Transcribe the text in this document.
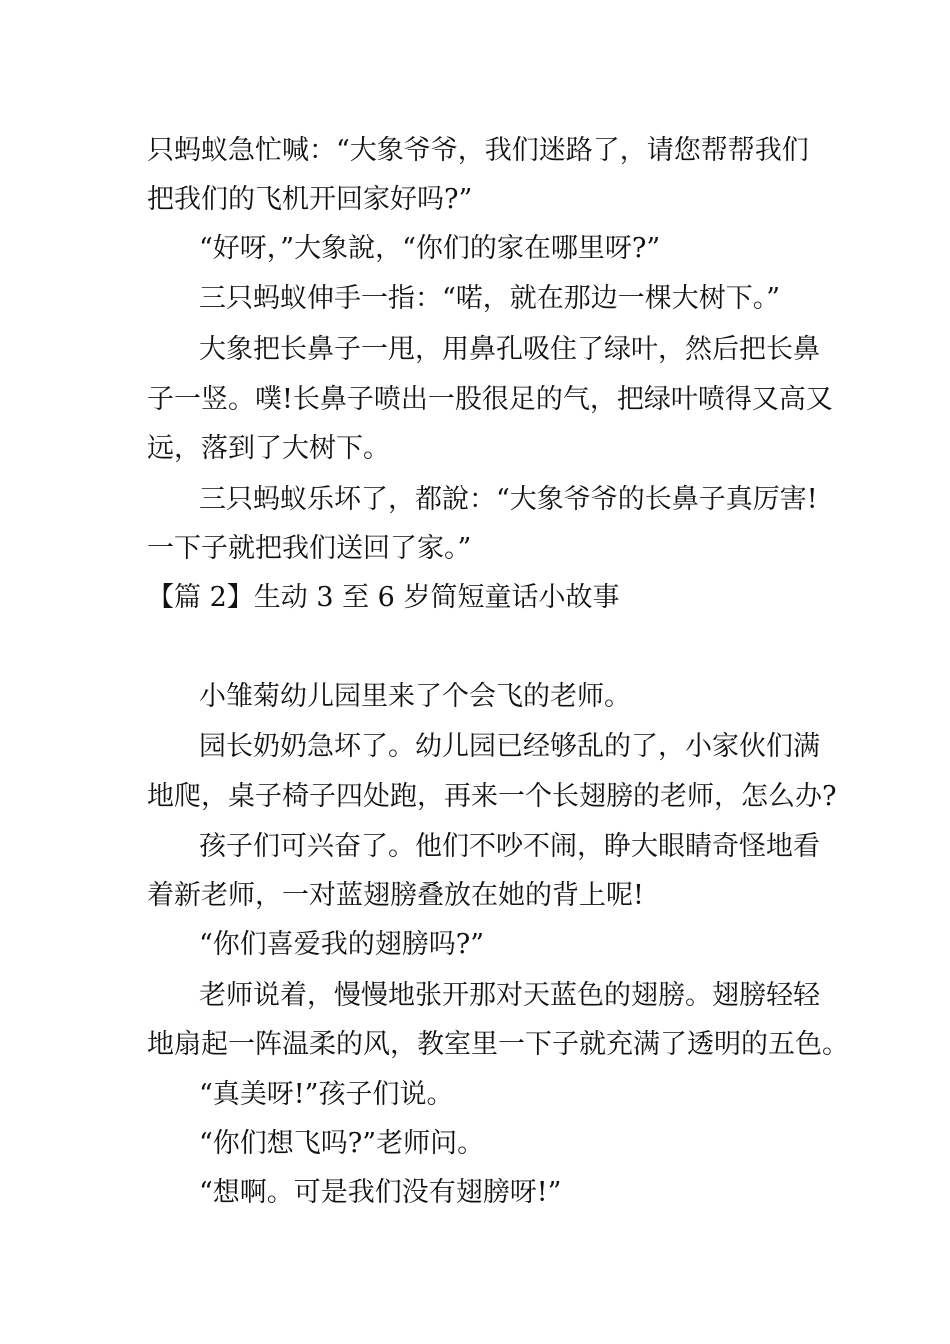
只蚂蚁急忙喊：“大象爷爷，我们迷路了，请您帮帮我们
把我们的飞机开回家好吗?”
“好呀，”大象說，“你们的家在哪里呀?”
三只蚂蚁伸手一指：“喏，就在那边一棵大树下。”
大象把长鼻子一甩，用鼻孔吸住了绿叶，然后把长鼻
子一竖。噗!长鼻子喷出一股很足的气，把绿叶喷得又高又
远，落到了大树下。
三只蚂蚁乐坏了，都說：“大象爷爷的长鼻子真厉害!
一下子就把我们送回了家。”
【篇 2】生动 3 至 6 岁简短童话小故事
小雏菊幼儿园里来了个会飞的老师。
园长奶奶急坏了。幼儿园已经够乱的了，小家伙们满
地爬，桌子椅子四处跑，再来一个长翅膀的老师，怎么办?
孩子们可兴奋了。他们不吵不闹，睁大眼睛奇怪地看
着新老师，一对蓝翅膀叠放在她的背上呢!
“你们喜爱我的翅膀吗?”
老师说着，慢慢地张开那对天蓝色的翅膀。翅膀轻轻
地扇起一阵温柔的风，教室里一下子就充满了透明的五色。
“真美呀!”孩子们说。
“你们想飞吗?”老师问。
“想啊。可是我们没有翅膀呀!”
